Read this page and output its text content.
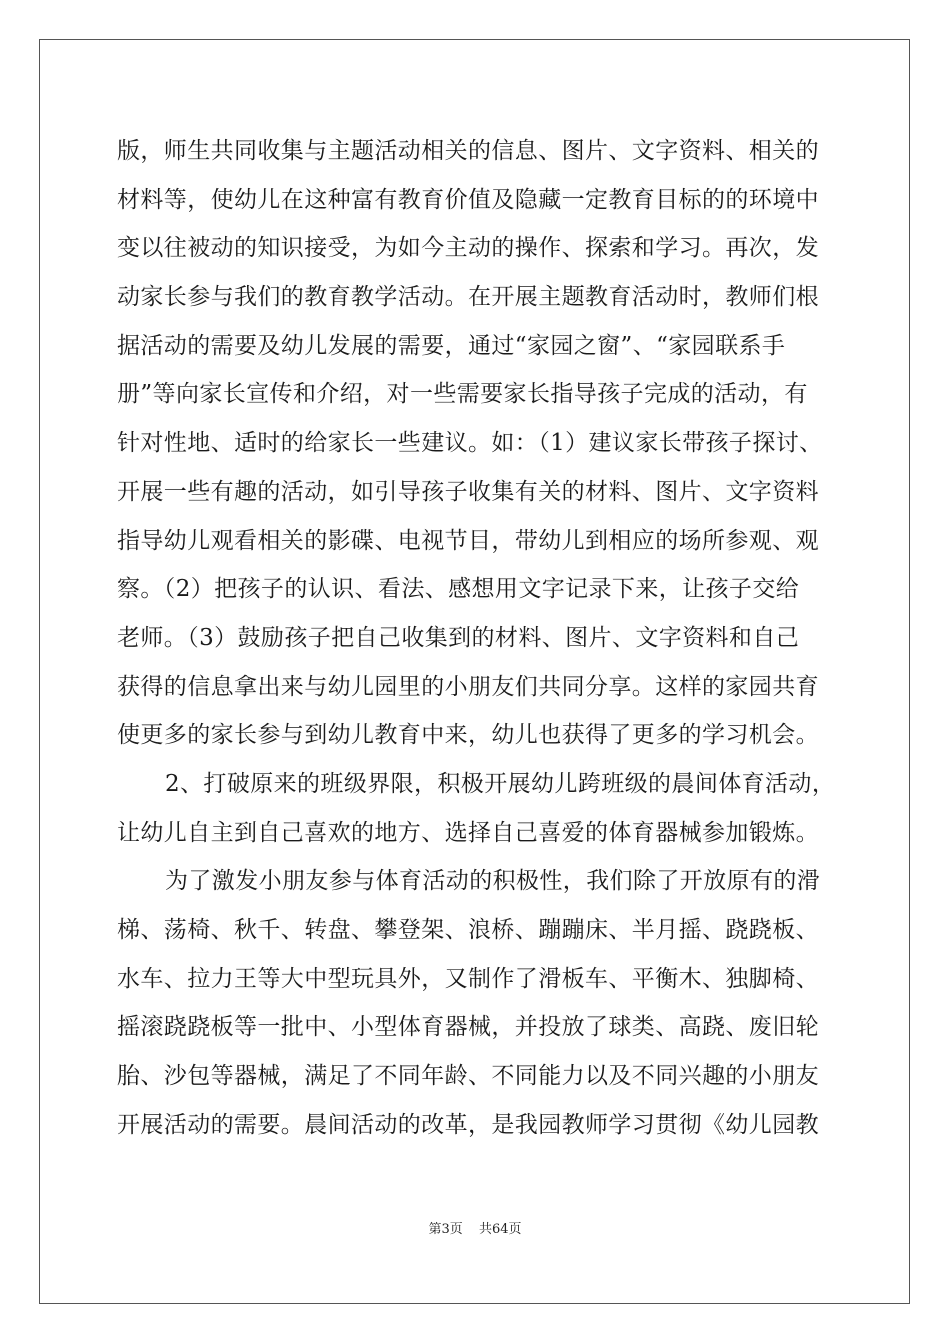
版，师生共同收集与主题活动相关的信息、图片、文字资料、相关的
材料等，使幼儿在这种富有教育价值及隐藏一定教育目标的的环境中
变以往被动的知识接受，为如今主动的操作、探索和学习。再次，发
动家长参与我们的教育教学活动。在开展主题教育活动时，教师们根
据活动的需要及幼儿发展的需要，通过“家园之窗”、“家园联系手
册”等向家长宣传和介绍，对一些需要家长指导孩子完成的活动，有
针对性地、适时的给家长一些建议。如：（1）建议家长带孩子探讨、
开展一些有趣的活动，如引导孩子收集有关的材料、图片、文字资料
指导幼儿观看相关的影碟、电视节目，带幼儿到相应的场所参观、观
察。（2）把孩子的认识、看法、感想用文字记录下来，让孩子交给
老师。（3）鼓励孩子把自己收集到的材料、图片、文字资料和自己
获得的信息拿出来与幼儿园里的小朋友们共同分享。这样的家园共育
使更多的家长参与到幼儿教育中来，幼儿也获得了更多的学习机会。
2、打破原来的班级界限，积极开展幼儿跨班级的晨间体育活动，
让幼儿自主到自己喜欢的地方、选择自己喜爱的体育器械参加锻炼。
为了激发小朋友参与体育活动的积极性，我们除了开放原有的滑
梯、荡椅、秋千、转盘、攀登架、浪桥、蹦蹦床、半月摇、跷跷板、
水车、拉力王等大中型玩具外，又制作了滑板车、平衡木、独脚椅、
摇滚跷跷板等一批中、小型体育器械，并投放了球类、高跷、废旧轮
胎、沙包等器械，满足了不同年龄、不同能力以及不同兴趣的小朋友
开展活动的需要。晨间活动的改革，是我园教师学习贯彻《幼儿园教
第3页 共64页
